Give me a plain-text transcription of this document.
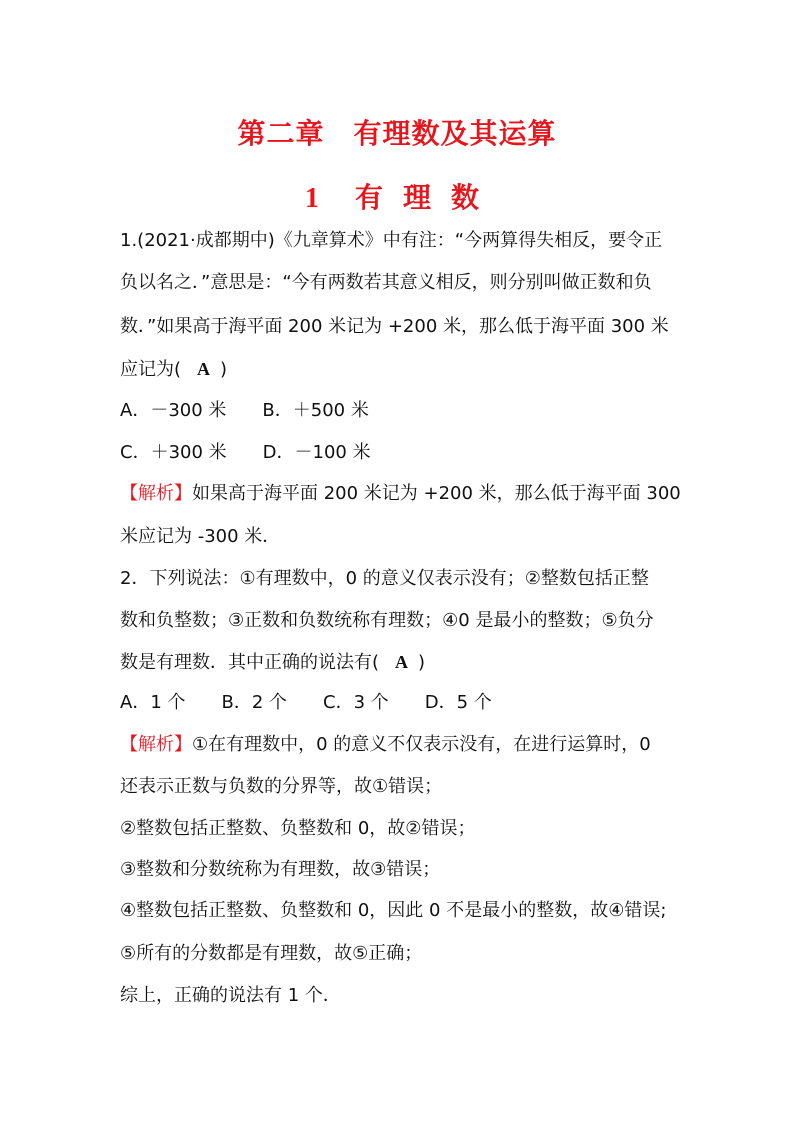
第二章　有理数及其运算
1 有 理 数
1.(2021·成都期中)《九章算术》中有注：“今两算得失相反，要令正
负以名之．”意思是：“今有两数若其意义相反，则分别叫做正数和负
数．”如果高于海平面 200 米记为 +200 米，那么低于海平面 300 米
应记为( A )
A．－300 米 B．＋500 米
C．＋300 米 D．－100 米
【解析】如果高于海平面 200 米记为 +200 米，那么低于海平面 300
米应记为 -300 米．
2．下列说法：①有理数中，0 的意义仅表示没有；②整数包括正整
数和负整数；③正数和负数统称有理数；④0 是最小的整数；⑤负分
数是有理数．其中正确的说法有( A )
A．1 个 B．2 个 C．3 个 D．5 个
【解析】①在有理数中，0 的意义不仅表示没有，在进行运算时，0
还表示正数与负数的分界等，故①错误；
②整数包括正整数、负整数和 0，故②错误；
③整数和分数统称为有理数，故③错误；
④整数包括正整数、负整数和 0，因此 0 不是最小的整数，故④错误;
⑤所有的分数都是有理数，故⑤正确；
综上，正确的说法有 1 个．
